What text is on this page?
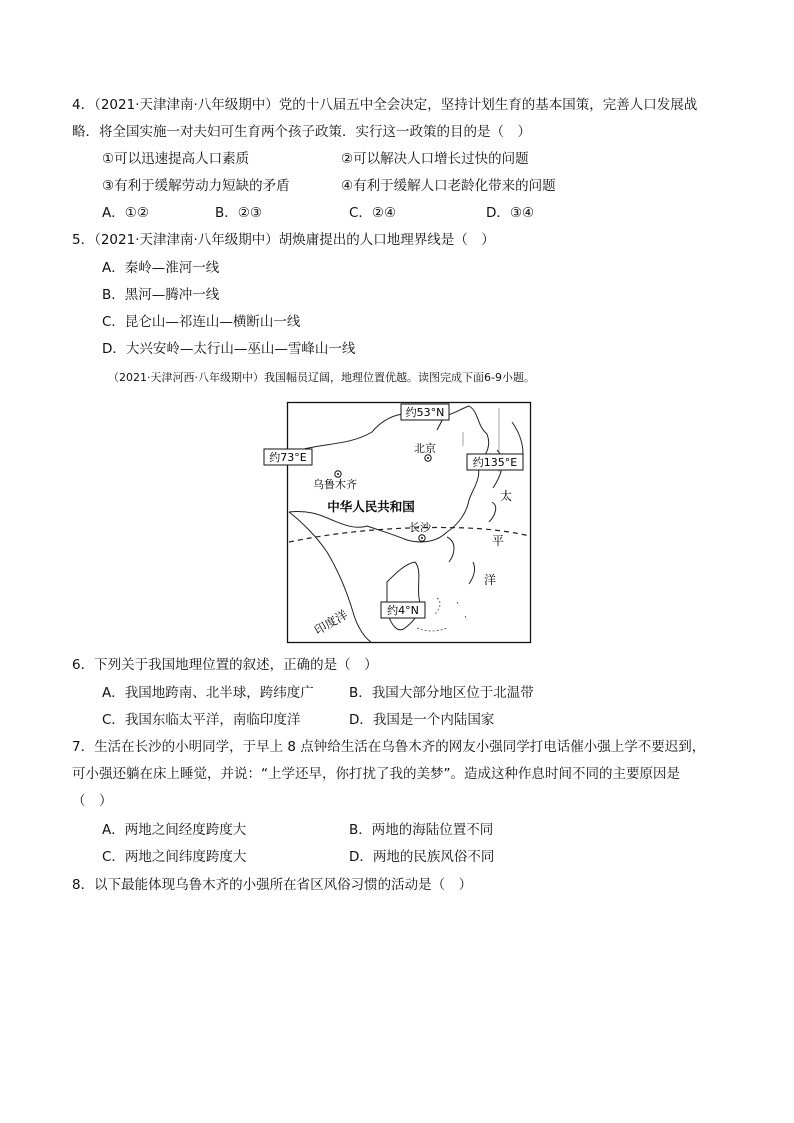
4．（2021·天津津南·八年级期中）党的十八届五中全会决定，坚持计划生育的基本国策，完善人口发展战
略．将全国实施一对夫妇可生育两个孩子政策．实行这一政策的目的是（　）
①可以迅速提高人口素质	②可以解决人口增长过快的问题
③有利于缓解劳动力短缺的矛盾	④有利于缓解人口老龄化带来的问题
A．①②	B．②③	C．②④	D．③④
5．（2021·天津津南·八年级期中）胡焕庸提出的人口地理界线是（　）
A．秦岭—淮河一线
B．黑河—腾冲一线
C．昆仑山—祁连山—横断山一线
D．大兴安岭—太行山—巫山—雪峰山一线
（2021·天津河西·八年级期中）我国幅员辽阔，地理位置优越。读图完成下面6-9小题。
约53°N
约73°E	约135°E
约4°N
乌鲁木齐
北京
中华人民共和国
长沙
太
平
洋
印度洋
6．下列关于我国地理位置的叙述，正确的是（　）
A．我国地跨南、北半球，跨纬度广	B．我国大部分地区位于北温带
C．我国东临太平洋，南临印度洋	D．我国是一个内陆国家
7．生活在长沙的小明同学，于早上 8 点钟给生活在乌鲁木齐的网友小强同学打电话催小强上学不要迟到，
可小强还躺在床上睡觉，并说：“上学还早，你打扰了我的美梦”。造成这种作息时间不同的主要原因是
（　）
A．两地之间经度跨度大	B．两地的海陆位置不同
C．两地之间纬度跨度大	D．两地的民族风俗不同
8．以下最能体现乌鲁木齐的小强所在省区风俗习惯的活动是（　）
